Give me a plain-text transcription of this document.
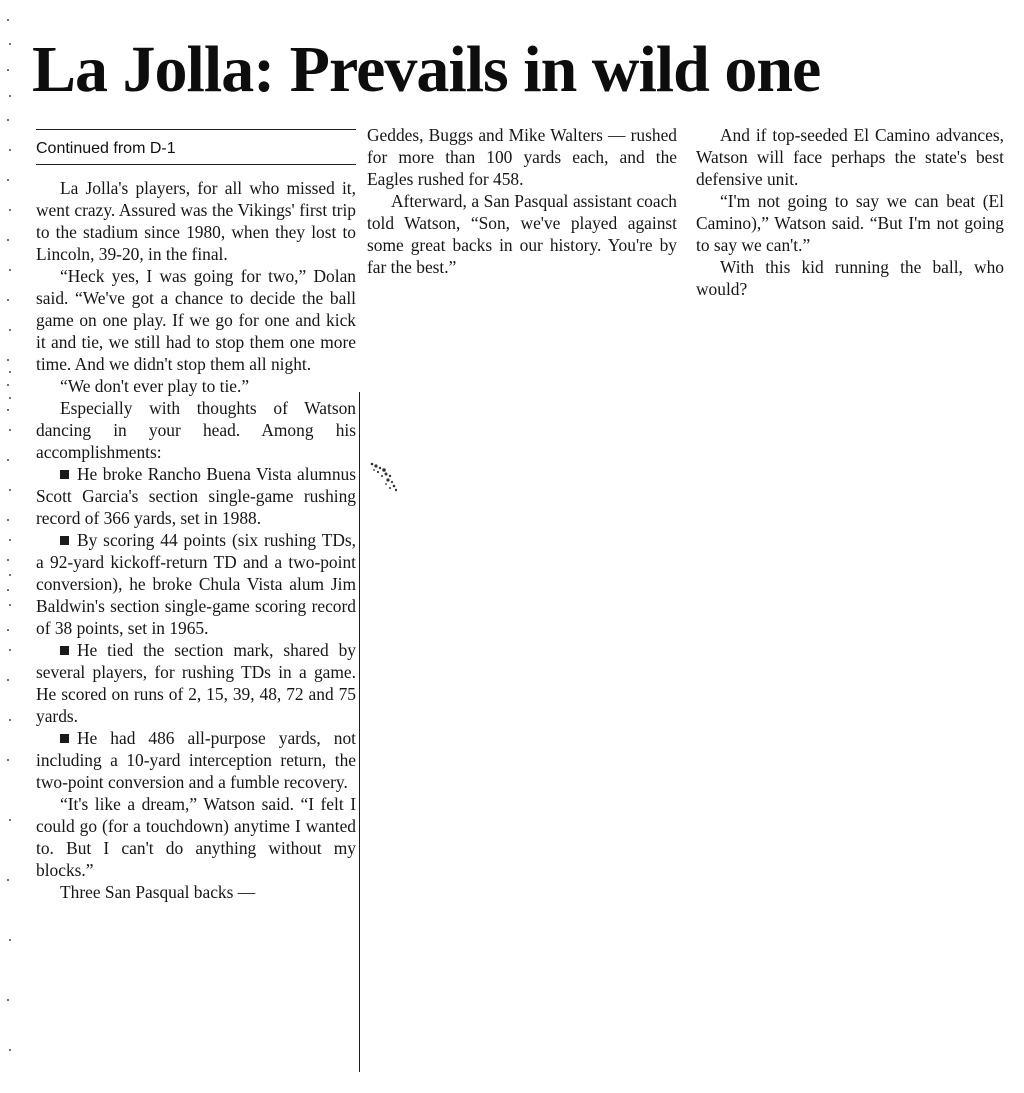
La Jolla: Prevails in wild one
Continued from D-1

La Jolla's players, for all who missed it, went crazy. Assured was the Vikings' first trip to the stadium since 1980, when they lost to Lincoln, 39-20, in the final.

“Heck yes, I was going for two,” Dolan said. “We've got a chance to decide the ball game on one play. If we go for one and kick it and tie, we still had to stop them one more time. And we didn't stop them all night.

“We don't ever play to tie.”

Especially with thoughts of Watson dancing in your head. Among his accomplishments:

He broke Rancho Buena Vista alumnus Scott Garcia's section single-game rushing record of 366 yards, set in 1988.

By scoring 44 points (six rushing TDs, a 92-yard kickoff-return TD and a two-point conversion), he broke Chula Vista alum Jim Baldwin's section single-game scoring record of 38 points, set in 1965.

He tied the section mark, shared by several players, for rushing TDs in a game. He scored on runs of 2, 15, 39, 48, 72 and 75 yards.

He had 486 all-purpose yards, not including a 10-yard interception return, the two-point conversion and a fumble recovery.

“It's like a dream,” Watson said. “I felt I could go (for a touchdown) anytime I wanted to. But I can't do anything without my blocks.”

Three San Pasqual backs —

Geddes, Buggs and Mike Walters — rushed for more than 100 yards each, and the Eagles rushed for 458.

Afterward, a San Pasqual assistant coach told Watson, “Son, we've played against some great backs in our history. You're by far the best.”

And if top-seeded El Camino advances, Watson will face perhaps the state's best defensive unit.

“I'm not going to say we can beat (El Camino),” Watson said. “But I'm not going to say we can't.”

With this kid running the ball, who would?
